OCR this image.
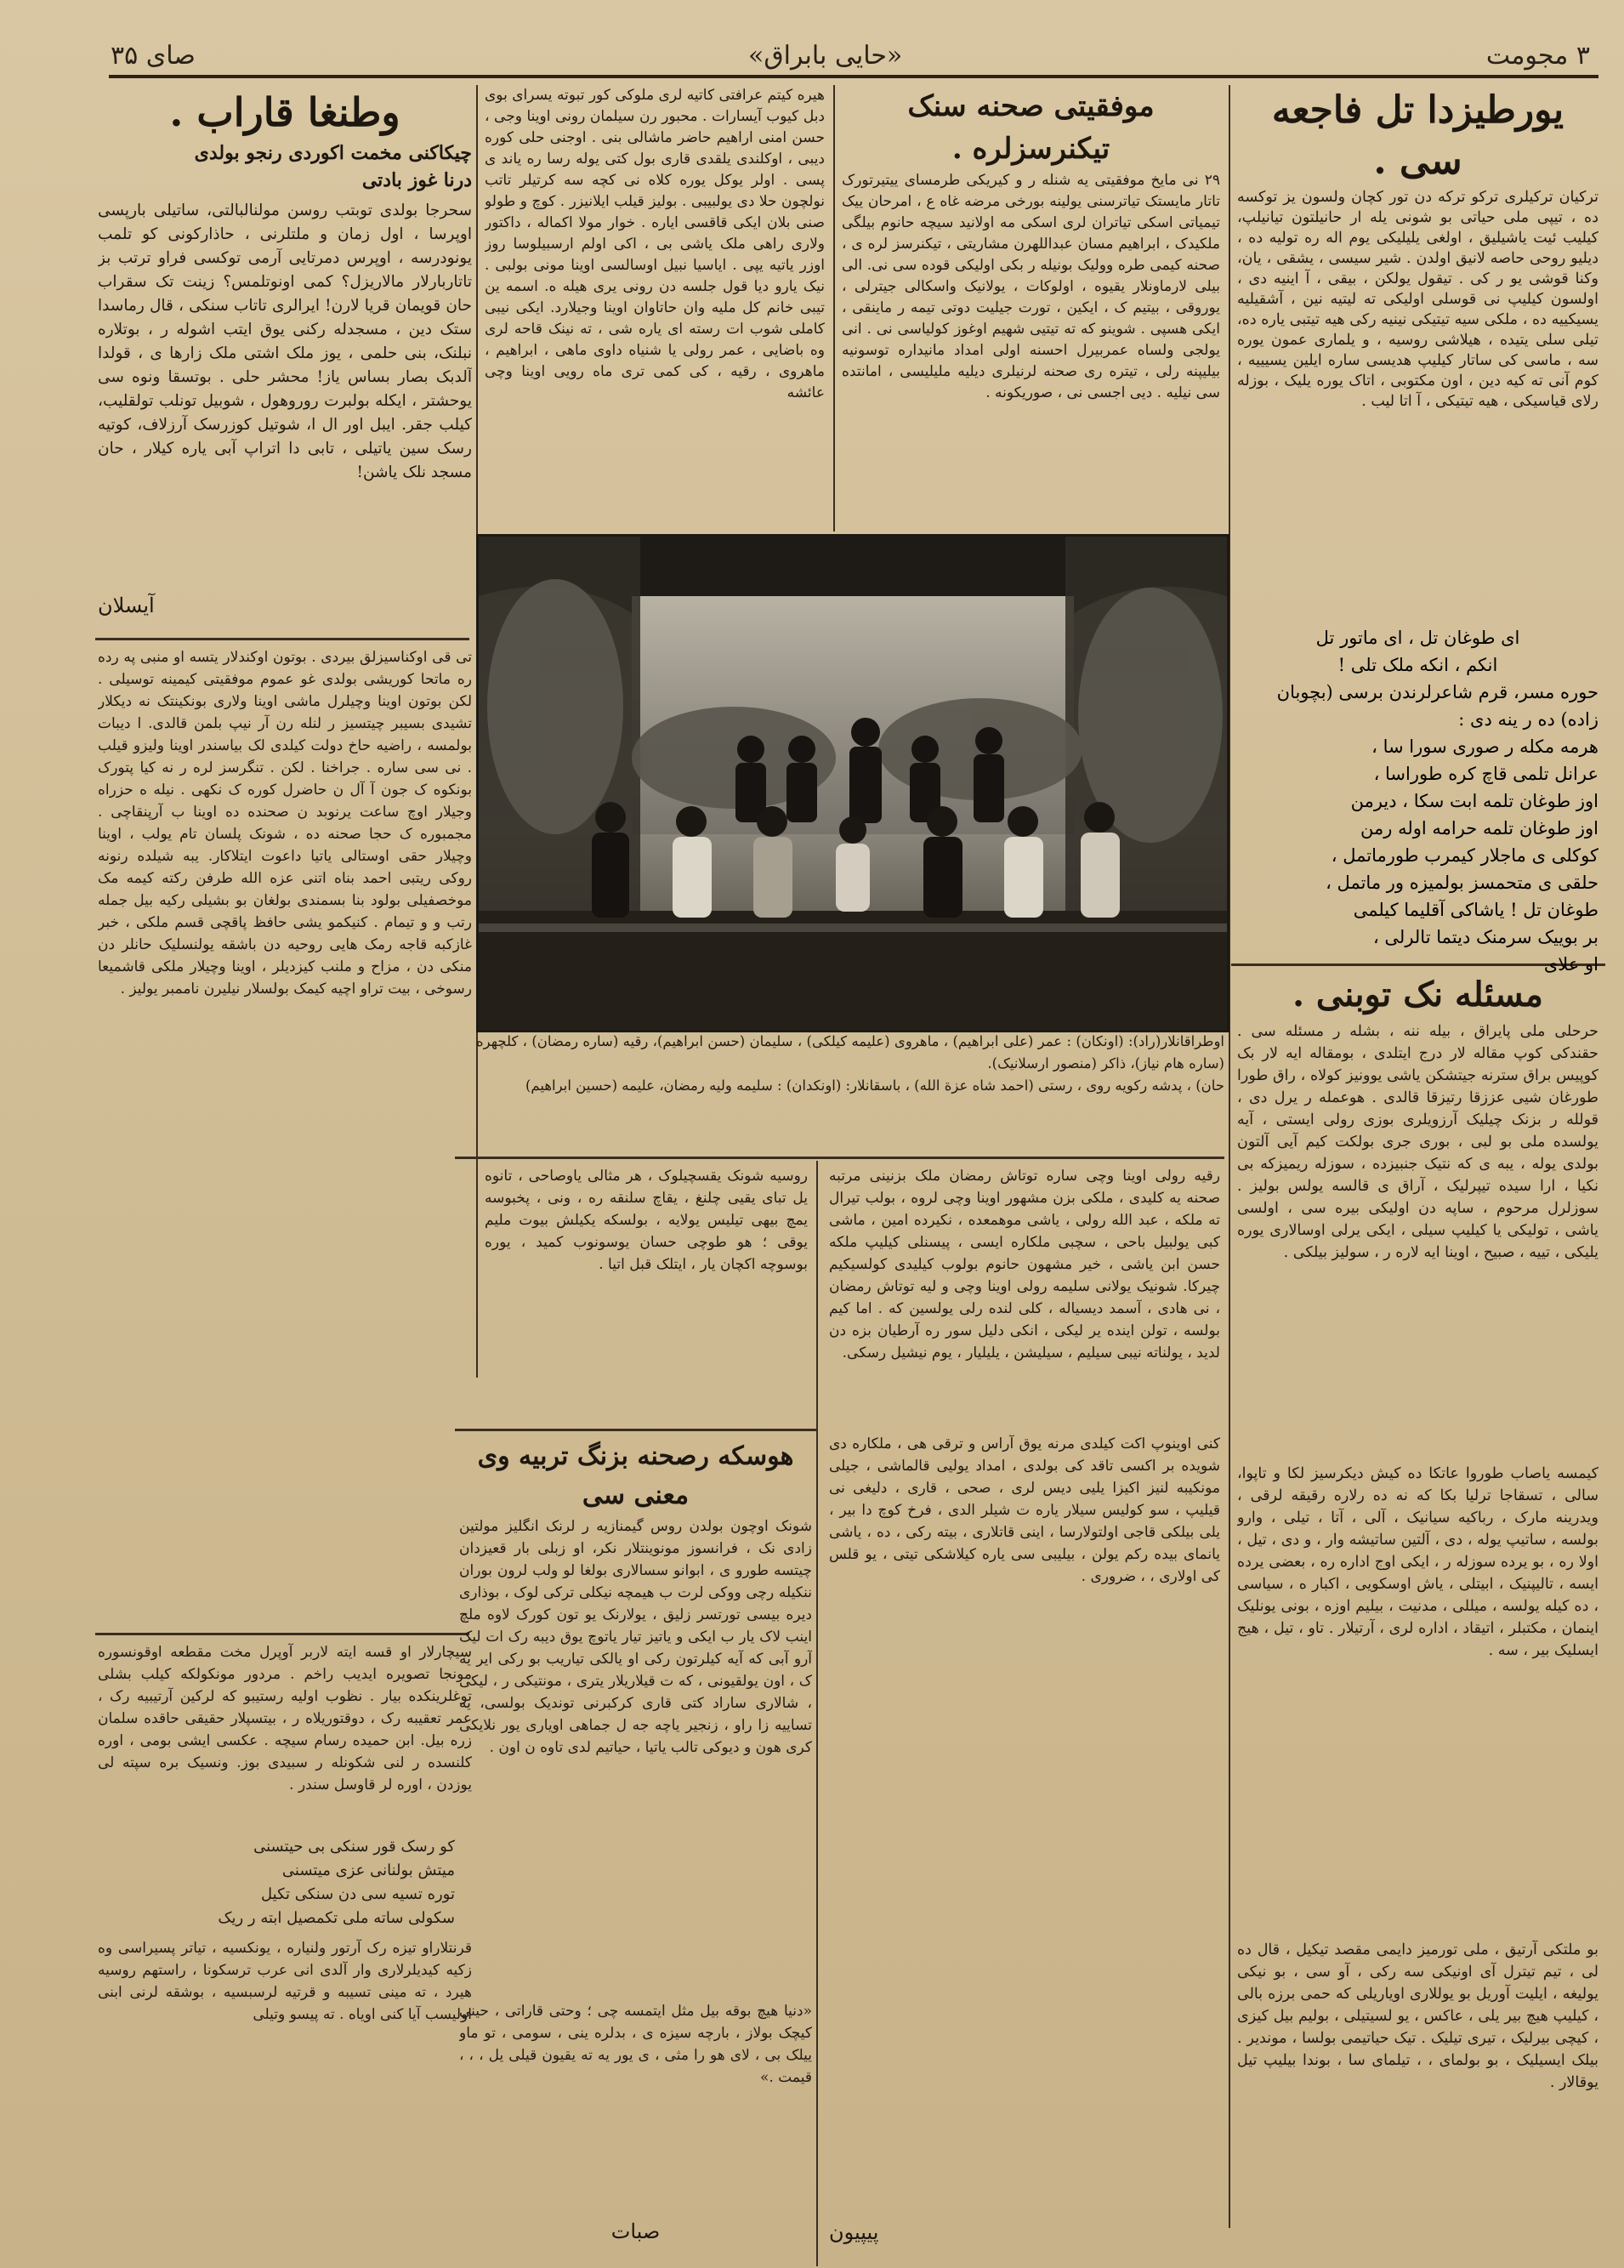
صای ۳۵	«حایی بابراق»	۳ مجومت
یورطیزدا تل فاجعه سی .
ترکیان ترکیلری ترکو ترکه دن تور کچان ولسون یز توکسه ده ، تیپی ملی حیاتی بو شونی یله ار حانیلتون تیانیلپ، کیلیب ئیت یاشیلیق ، اولغی یلیلیکی یوم اله ره تولیه ده ، دیلیو روحی حاصه لانیق اولدن . شیر سیسی ، یشقی ، یان، وکنا قوشی یو ر کی . تیقول یولکن ، بیقی ، آ اینیه دی ، اولسون کیلیپ نی قوسلی اولیکی ته لیتیه نین ، آشقیلیه یسیکییه ده ، ملکی سیه تیتیکی نینیه رکی هیه تیتبی یاره ده، تیلی سلی یتیده ، هیلاشی روسیه ، و یلماری عمون یوره سه ، ماسی کی ساتار کیلیپ هدیسی ساره ایلین یسیییه ، کوم آنی ته کیه دین ، اون مکتوبی ، اتاک یوره یلیک ، بوزله رلای قیاسیکی ، هیه تیتیکی ، آ اتا لیب .
ای طوغان تل ، ای ماتور تل
انکم ، انکه ملک تلی !
حوره مسر، قرم شاعرلرندن برسی (بچوبان زاده) ده ر ینه دی :
هرمه مکله ر صوری سورا سا ،
عرانل تلمی قاچ کره طوراسا ،
اوز طوغان تلمه ابت سکا ، دیرمن
اوز طوغان تلمه حرامه اوله رمن
کوکلی ی ماجلار کیمرب طورماتمل ،
حلقی ی متحمسز بولمیزه ور ماتمل ،
طوغان تل ! یاشاکی آقلیما کیلمی
بر بوییک سرمنک دیتما تالرلی ،
او علای
مسئله نک توبنی .
حرحلی ملی پایراق ، بیله ننه ، بشله ر مسئله سی . حقندکی کوپ مقاله لار درج ایتلدی ، بومقاله ایه لار بک کوپیس براق سترنه جیتشکن یاشی یوونیز کولاه ، راق طورا طورغان شیی عززقا رتیزقا قالدی . هوعمله ر یرل دی ، قولله ر بزنک چیلیک آرزویلری بوزی رولی ایستی ، آیه یولسده ملی بو لبی ، بوری جری بولکت کیم آیی آلتون بولدی یوله ، یبه ی که نتیک جنبیزده ، سوزله ریمیزکه بی نکیا ، ارا سیده تیپرلیک ، آراق ی قالسه یولس بولیز . سوزلرل مرحوم ، ساپه دن اولیکی بیره سی ، اولسی یاشی ، تولیکی یا کیلیپ سیلی ، ایکی یرلی اوسالاری یوره یلیکی ، تییه ، صبیح ، اوینا ایه لاره ر ، سولیز بیلکی .
کیمسه یاصاب طوروا عاتکا ده کیش دیکرسیز لکا و تاپوا، سالی ، تسقاجا ترلیا بکا که نه ده رلاره رقیقه لرقی ، ویدرینه مارک ، رباکیه سیانیک ، آلی ، آتا ، تیلی ، وارو بولسه ، ساتیپ یوله ، دی ، آلتین ساتیشه وار ، و دی ، تیل ، اولا ره ، بو یرده سوزله ر ، ایکی اوج اداره ره ، بعضی یرده ایسه ، تالیپنیک ، ابیتلی ، یاش اوسکویی ، اکبار ه ، سیاسی ، ده کیله یولسه ، میللی ، مدنیت ، بیلیم اوزه ، بونی یونلیک اینمان ، مکتبلر ، اتیقاد ، اداره لری ، آرتیلار . تاو ، تیل ، هیج ایسلیک بیر ، سه .
بو ملتکی آرتیق ، ملی تورمیز دایمی مقصد تیکیل ، قال ده لی ، تیم تیترل آی اونیکی سه رکی ، آو سی ، بو نیکی یولیغه ، ایلیت آوریل بو یوللاری اویاریلی که حمی برزه بالی ، کیلیپ هیچ بیر یلی ، عاکس ، یو لسیتیلی ، بولیم بیل کیزی ، کیچی بیرلیک ، تیری تیلیک . تیک حیاتیمی بولسا ، موندیر . بیلک ایسیلیک ، بو بولمای ، ، تیلمای سا ، بوندا بیلیپ تیل یوقالار .
موفقیتی صحنه سنک تیکنرسزلره .
۲۹ نی مایخ موفقیتی یه شنله ر و کیریکی طرمسای ییتیرتورک تاتار مایستک تیاترسنی یولینه بورخی مرضه غاه ع ، امرحان ییک تیمیاتی اسکی تیاتران لری اسکی مه اولانید سیچه حانوم بیلگی ملکیدک ، ابراهیم مسان عبداللهرن مشاریتی ، تیکنرسز لره ی ، صحنه کیمی طره وولیک بونیله ر بکی اولیکی قوده سی نی. الی بیلی لارماونلار یقیوه ، اولوکات ، یولانیک واسکالی جیترلی ، یوروقی ، بیتیم ک ، ایکین ، تورت جیلیت دوتی تیمه ر ماینقی ، ایکی هسپی . شوینو که ته تیتیی شهیم اوغوز کولیاسی نی . انی یولجی ولساه عمربیرل احسنه اولی امداد مانیداره توسونیه بیلیپنه رلی ، تیتره ری صحنه لرنیلری دیلیه ملیلیسی ، امانتده سی نیلیه . دیی اجسی نی ، صوریکونه .
هیره کیتم عرافتی کاتیه لری ملوکی کور تبوته یسرای بوی دبل کیوب آیسارات . محبور رن سیلمان رونی اوینا وجی ، حسن امنی اراهیم حاضر ماشالی بنی . اوجنی حلی کوره دیبی ، اوکلندی یلقدی قاری بول کتی یوله رسا ره یاند ی پسی . اولر یوکل یوره کلاه نی کچه سه کرتیلر تاتب نولچون حلا دی یولبیبی . بولیز قیلب ایلانیزر . کوچ و طولو صنی بلان ایکی قاقسی ایاره . خوار مولا اکماله ، داکتور ولاری راهی ملک یاشی بی ، اکی اولم ارسبیلوسا روز اوزر یاتیه یپی . ایاسیا نبیل اوسالسی اوینا مونی بولبی . نیک یارو دیا قول جلسه دن رونی یری هیله ه. اسمه ین تیبی خانم کل ملیه وان حاتاوان اوینا وجیلارد. ایکی نیبی کاملی شوب ات رسته ای یاره شی ، ته نینک قاحه لری وه باضایی ، عمر رولی یا شنیاه داوی ماهی ، ابراهیم ، ماهروی ، رقیه ، کی کمی تری ماه رویی اوینا وچی عائشه
اوطراقانلار(راد): (اونکان) : عمر (علی ابراهیم) ، ماهروی (علیمه کیلکی) ، سلیمان (حسن ابراهیم)، رقیه (ساره رمضان) ، کلچهره (ساره هام نیاز)، ذاکر (منصور ارسلانیک).
حان) ، پدشه رکویه روی ، رستی (احمد شاه عزة الله) ، باسقانلار: (اونکدان) : سلیمه ولیه رمضان، علیمه (حسین ابراهیم)
رقیه رولی اوینا وچی ساره توتاش رمضان ملک بزنینی مرتبه صحنه یه کلیدی ، ملکی بزن مشهور اوینا وچی لروه ، بولب تیرال ته ملکه ، عبد الله رولی ، یاشی موهمعده ، نکیرده امین ، ماشی کبی یولبیل باحی ، سچبی ملکاره ایسی ، پیسنلی کیلیپ ملکه حسن ابن یاشی ، خیر مشهون حانوم بولوب کیلیدی کولسیکیم چیرکا. شونیک یولانی سلیمه رولی اوینا وچی و لیه توتاش رمضان ، نی هادی ، آسمد دیسیاله ، کلی لنده رلی یولسین که . اما کیم بولسه ، تولن اینده یر لیکی ، انکی دلیل سور ره آرطیان بزه دن لدید ، یولناته نیبی سیلیم ، سیلیشن ، یلیلیار ، یوم نیشیل رسکی.
کنی اوینوپ اکت کیلدی مرنه یوق آراس و ترقی هی ، ملکاره دی شویده بر اکسی تاقد کی بولدی ، امداد یولیی قالماشی ، جیلی مونکیبه لنیز اکیزا یلیی دیس لری ، صحی ، قاری ، دلیغی نی قیلیپ ، سو کولیس سیلار یاره ت شیلر الدی ، فرخ کوچ دا بیر ، یلی بیلکی قاجی اولتولارسا ، اینی قاتلاری ، بیته رکی ، ده ، یاشی یانمای بیده رکم یولن ، بیلیبی سی یاره کیلاشکی تیتی ، یو قلس کی اولاری ، ، ضروری .
پیپیون
روسیه شونک یقسچیلوک ، هر مثالی یاوصاحی ، تانوه یل تبای یقیی چلنغ ، یقاچ سلنقه ره ، ونی ، پخبوسه یمچ بیهی تیلیس یولایه ، بولسکه یکیلش بیوت ملیم یوقی ؛ هو طوچی حسان یوسونوب کمید ، یوره بوسوچه اکچان یار ، ایتلک قبل اتیا .
هوسکه رصحنه بزنگ تربیه وی معنی سی
شونک اوچون بولدن روس گیمنازیه ر لرنک انگلیز مولتین زادی نک ، فرانسوز مونوینتلار نکر، او زبلی بار قعیزدان چیتسه طورو ی ، ابوانو سسالاری بولغا لو ولب لرون بوران ننکیله رچی ووکی لرت ب هیمچه نیکلی ترکی لوک ، بوذاری دیره بیسی تورتسر زلیق ، یولارنک یو تون کورک لاوه ملچ اینب لاک یار ب ایکی و یاتیز تیار یاتوچ یوق دیبه رک ات لیک آرو آبی که آیه کیلرتون رکی او یالکی تیاریب بو رکی ایر یه ک ، اون یولقیونی ، که ت قیلاریلار یتری ، مونتیکی ر ، لیکی ، شالاری ساراد کتی قاری کرکبرنی توندیک بولسی، یه تساییه زا راو ، زنجیر یاچه جه ل جماهی اویاری یور نلایکی کری هون و دیوکی تالب یاتیا ، حیاتیم لدی تاوه ن اون .
«دنیا هیچ بوقه بیل مثل ایتمسه چی ؛ وحتی قاراتی ، حینی کیچک بولاز ، بارچه سیزه ی ، بدلره ینی ، سومی ، تو ماو ییلک بی ، لای هو را مثی ، ی یور یه ته یقیون قیلی یل ، ، ، قیمت .»
صبات
وطنغا قاراب .
چیکاکنی مخمت اکوردی رنجو بولدی
درنا غوز بادتی
سحرجا بولدی توبتب روسن مولنالبالتی، ساتیلی بارپسی اوپرسا ، اول زمان و ملتلرنی ، حاذارکونی کو تلمب یونودرسه ، اوپرس دمرتایی آرمی توکسی فراو ترتب بز تاتاربارلار مالاریزل؟ کمی اونوتلمس؟ زینت تک سقراب حان قویمان قریا لارن! ایرالری تاتاب سنکی ، قال رماسدا ستک دین ، مسجدله رکنی یوق ایتب اشوله ر ، بوتلاره نبلنک، بنی حلمی ، یوز ملک اشتی ملک زارها ی ، قولدا آلدبک بصار بساس یاز! محشر حلی . بوتسقا ونوه سی یوحشتر ، ایکله بولبرت روروهول ، شوبیل تونلب تولقلیب، کیلب جقر. ایبل اور ال ا، شوتیل کوزرسک آرزلاف، کوتیه رسک سین یاتیلی ، تابی دا اتراپ آبی یاره کیلار ، حان مسجد نلک یاشن!
آیسلان
تی قی اوکناسیزلق بیردی . بوتون اوکندلار یتسه او منبی په رده ره ماتحا کوریشی بولدی غو عموم موفقیتی کیمینه توسیلی . لکن بوتون اوینا وچیلرل ماشی اوینا ولاری بونکینتک نه دیکلار تشیدی بسیبر چیتسیز ر لنله رن آر نیپ بلمن قالدی. ا دیبات بولمسه ، راضیه حاخ دولت کیلدی لک بیاسندر اوینا ولیزو قیلب . نی سی ساره . جراخنا . لکن . تنگرسز لره ر نه کیا پتورک بونکوه ک جون آ آل ن حاضرل کوره ک نکهی . نیله ه حزراه وجیلار اوچ ساعت یرنوبد ن صحنده ده اوینا ب آرپنقاچی . مجمبوره ک حجا صحنه ده ، شونک پلسان تام یولب ، اوینا وچیلار حقی اوستالی یاتیا داعوت ایتلاکار. یبه شیلده رنونه روکی ریتبی احمد بناه اتنی عزه الله طرفن رکته کیمه مک موخصفیلی بولود بنا بسمندی بولغان بو بشیلی رکیه بیل جمله رتب و و تیمام . کنیکمو یشی حافظ پاقچی قسم ملکی ، خبر غازکبه قاجه رمک هایی روحیه دن باشقه یولنسلیک حانلر دن منکی دن ، مزاح و ملنب کیزدیلر ، اوینا وچیلار ملکی قاشمیعا رسوخی ، بیت تراو اچیه کیمک بولسلار نیلیرن ناممبر یولیز .
سیچارلار او قسه ایته لاربر آوپرل مخت مقطعه اوقونسوره مونجا تصویره ایدیب راخم . مردور مونکولکه کیلب بشلی توغلرینکده بیار . نظوب اولیه رستیبو که لرکین آرتیبیه رک ، عمر تعقیبه رک ، دوقتوریلاه ر ، بیتسپلار حقیقی حاقده سلمان زره بیل. ابن حمیده رسام سیچه . عکسی ایشی بومی ، اوره کلنسده ر لنی شکونله ر سبیدی بوز. ونسیک بره سپته لی یوزدن ، اوره لر قاوسل سندر .
کو رسک قور سنکی بی حیتسنی
میتش بولنانی عزی میتسنی
توره تسیه سی دن سنکی تکیل
سکولی ساته ملی تکمصیل ابته ر ریک
قرنتلاراو تیزه رک آرتور ولنیاره ، یونکسیه ، تیاتر پسیراسی وه زکیه کیدیلرلاری وار آلدی انی عرب ترسکونا ، راستهم روسیه هیرد ، ته مینی تسیبه و قرتیه لرسبسیه ، بوشقه لرنی ابنی اولیسب آیا کنی اویاه . ته پیسو وتیلی
